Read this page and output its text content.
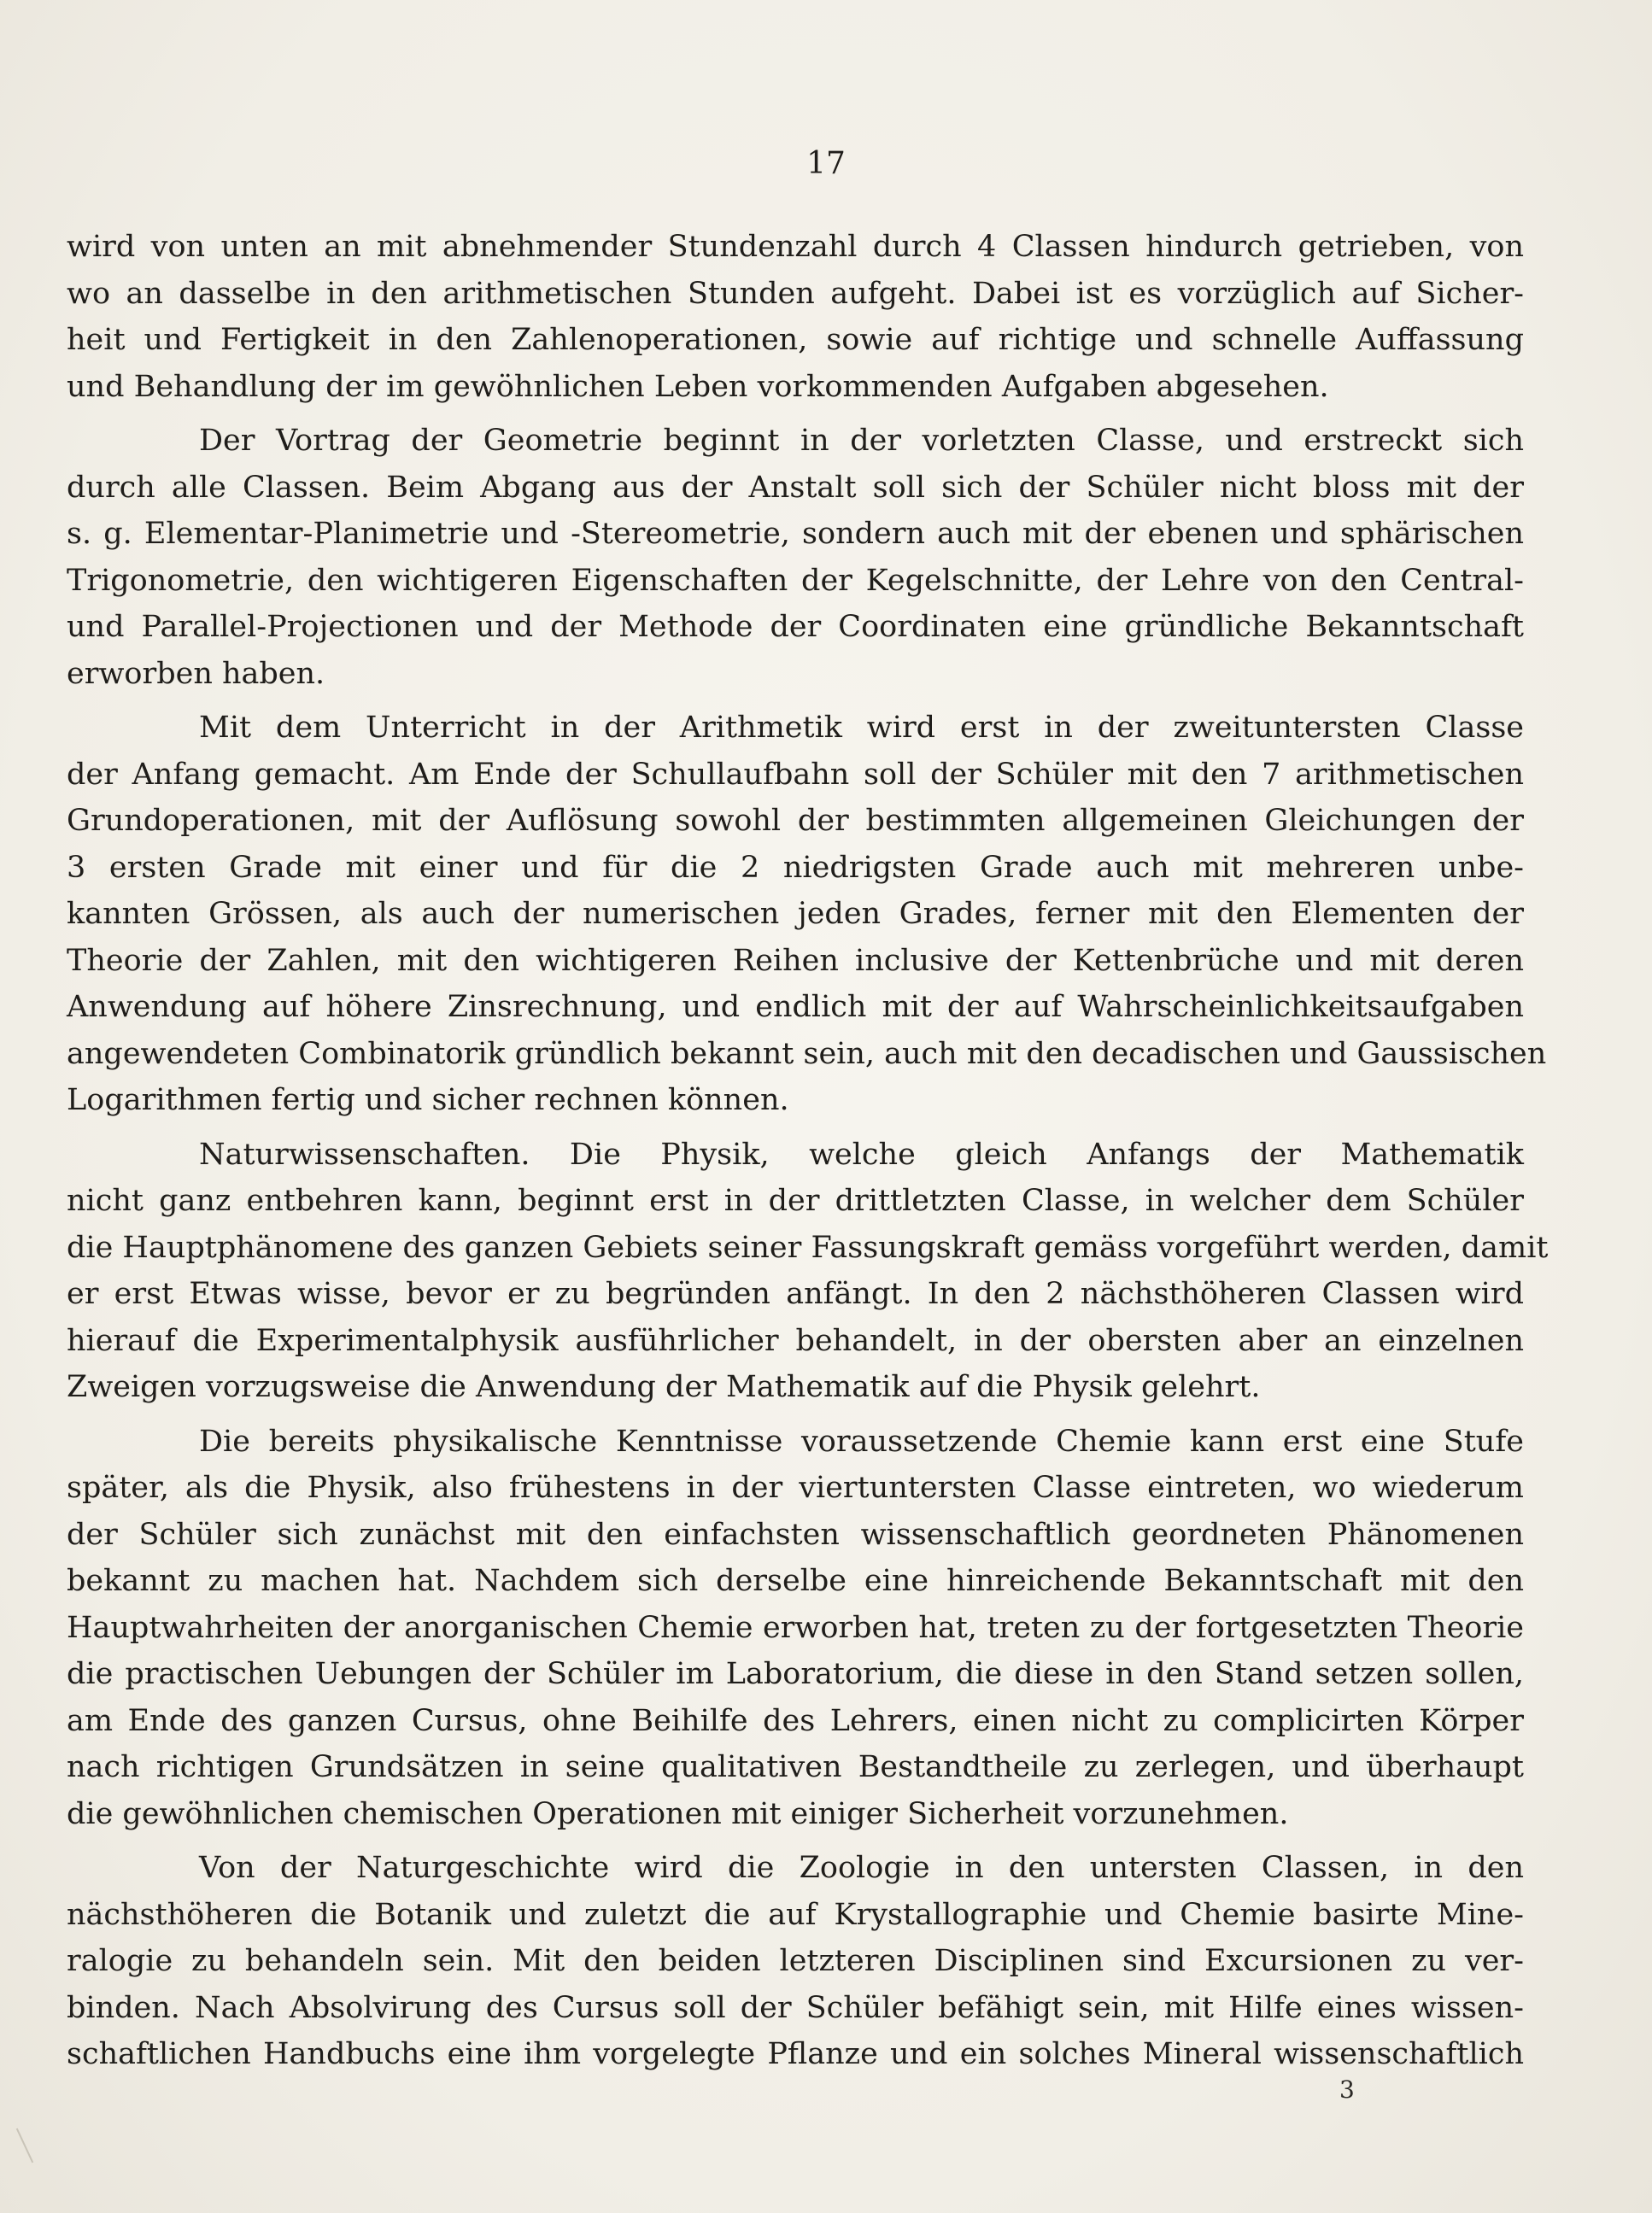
17
wird von unten an mit abnehmender Stundenzahl durch 4 Classen hindurch getrieben, von
wo an dasselbe in den arithmetischen Stunden aufgeht. Dabei ist es vorzüglich auf Sicher-
heit und Fertigkeit in den Zahlenoperationen, sowie auf richtige und schnelle Auffassung
und Behandlung der im gewöhnlichen Leben vorkommenden Aufgaben abgesehen.
Der Vortrag der Geometrie beginnt in der vorletzten Classe, und erstreckt sich
durch alle Classen. Beim Abgang aus der Anstalt soll sich der Schüler nicht bloss mit der
s. g. Elementar-Planimetrie und -Stereometrie, sondern auch mit der ebenen und sphärischen
Trigonometrie, den wichtigeren Eigenschaften der Kegelschnitte, der Lehre von den Central-
und Parallel-Projectionen und der Methode der Coordinaten eine gründliche Bekanntschaft
erworben haben.
Mit dem Unterricht in der Arithmetik wird erst in der zweituntersten Classe
der Anfang gemacht. Am Ende der Schullaufbahn soll der Schüler mit den 7 arithmetischen
Grundoperationen, mit der Auflösung sowohl der bestimmten allgemeinen Gleichungen der
3 ersten Grade mit einer und für die 2 niedrigsten Grade auch mit mehreren unbe-
kannten Grössen, als auch der numerischen jeden Grades, ferner mit den Elementen der
Theorie der Zahlen, mit den wichtigeren Reihen inclusive der Kettenbrüche und mit deren
Anwendung auf höhere Zinsrechnung, und endlich mit der auf Wahrscheinlichkeitsaufgaben
angewendeten Combinatorik gründlich bekannt sein, auch mit den decadischen und Gaussischen
Logarithmen fertig und sicher rechnen können.
Naturwissenschaften. Die Physik, welche gleich Anfangs der Mathematik
nicht ganz entbehren kann, beginnt erst in der drittletzten Classe, in welcher dem Schüler
die Hauptphänomene des ganzen Gebiets seiner Fassungskraft gemäss vorgeführt werden, damit
er erst Etwas wisse, bevor er zu begründen anfängt. In den 2 nächsthöheren Classen wird
hierauf die Experimentalphysik ausführlicher behandelt, in der obersten aber an einzelnen
Zweigen vorzugsweise die Anwendung der Mathematik auf die Physik gelehrt.
Die bereits physikalische Kenntnisse voraussetzende Chemie kann erst eine Stufe
später, als die Physik, also frühestens in der viertuntersten Classe eintreten, wo wiederum
der Schüler sich zunächst mit den einfachsten wissenschaftlich geordneten Phänomenen
bekannt zu machen hat. Nachdem sich derselbe eine hinreichende Bekanntschaft mit den
Hauptwahrheiten der anorganischen Chemie erworben hat, treten zu der fortgesetzten Theorie
die practischen Uebungen der Schüler im Laboratorium, die diese in den Stand setzen sollen,
am Ende des ganzen Cursus, ohne Beihilfe des Lehrers, einen nicht zu complicirten Körper
nach richtigen Grundsätzen in seine qualitativen Bestandtheile zu zerlegen, und überhaupt
die gewöhnlichen chemischen Operationen mit einiger Sicherheit vorzunehmen.
Von der Naturgeschichte wird die Zoologie in den untersten Classen, in den
nächsthöheren die Botanik und zuletzt die auf Krystallographie und Chemie basirte Mine-
ralogie zu behandeln sein. Mit den beiden letzteren Disciplinen sind Excursionen zu ver-
binden. Nach Absolvirung des Cursus soll der Schüler befähigt sein, mit Hilfe eines wissen-
schaftlichen Handbuchs eine ihm vorgelegte Pflanze und ein solches Mineral wissenschaftlich
3
